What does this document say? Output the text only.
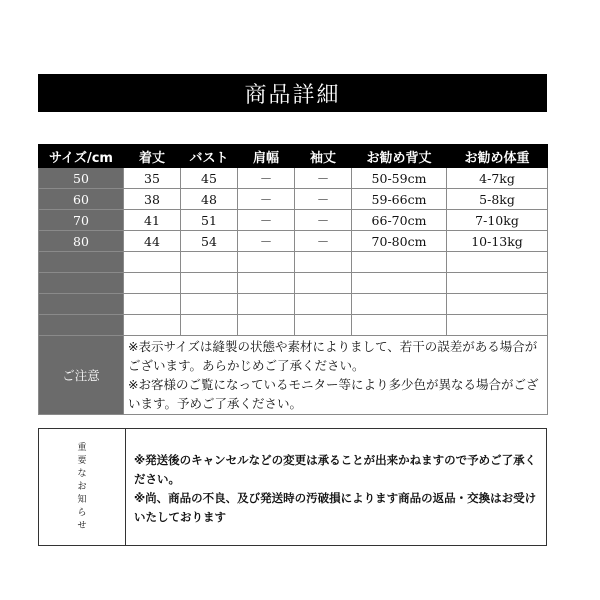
商品詳細
サイズ/cm	着丈	バスト	肩幅	袖丈	お勧め背丈	お勧め体重
50	35	45	－	－	50-59cm	4-7kg
60	38	48	－	－	59-66cm	5-8kg
70	41	51	－	－	66-70cm	7-10kg
80	44	54	－	－	70-80cm	10-13kg

ご注意	※表示サイズは縫製の状態や素材によりまして、若干の誤差がある場合がございます。あらかじめご了承ください。
※お客様のご覧になっているモニター等により多少色が異なる場合がございます。予めご了承ください。					
重
要
な
お
知
ら
せ

※発送後のキャンセルなどの変更は承ることが出来かねますので予めご了承ください。

※尚、商品の不良、及び発送時の汚破損によります商品の返品・交換はお受けいたしております
